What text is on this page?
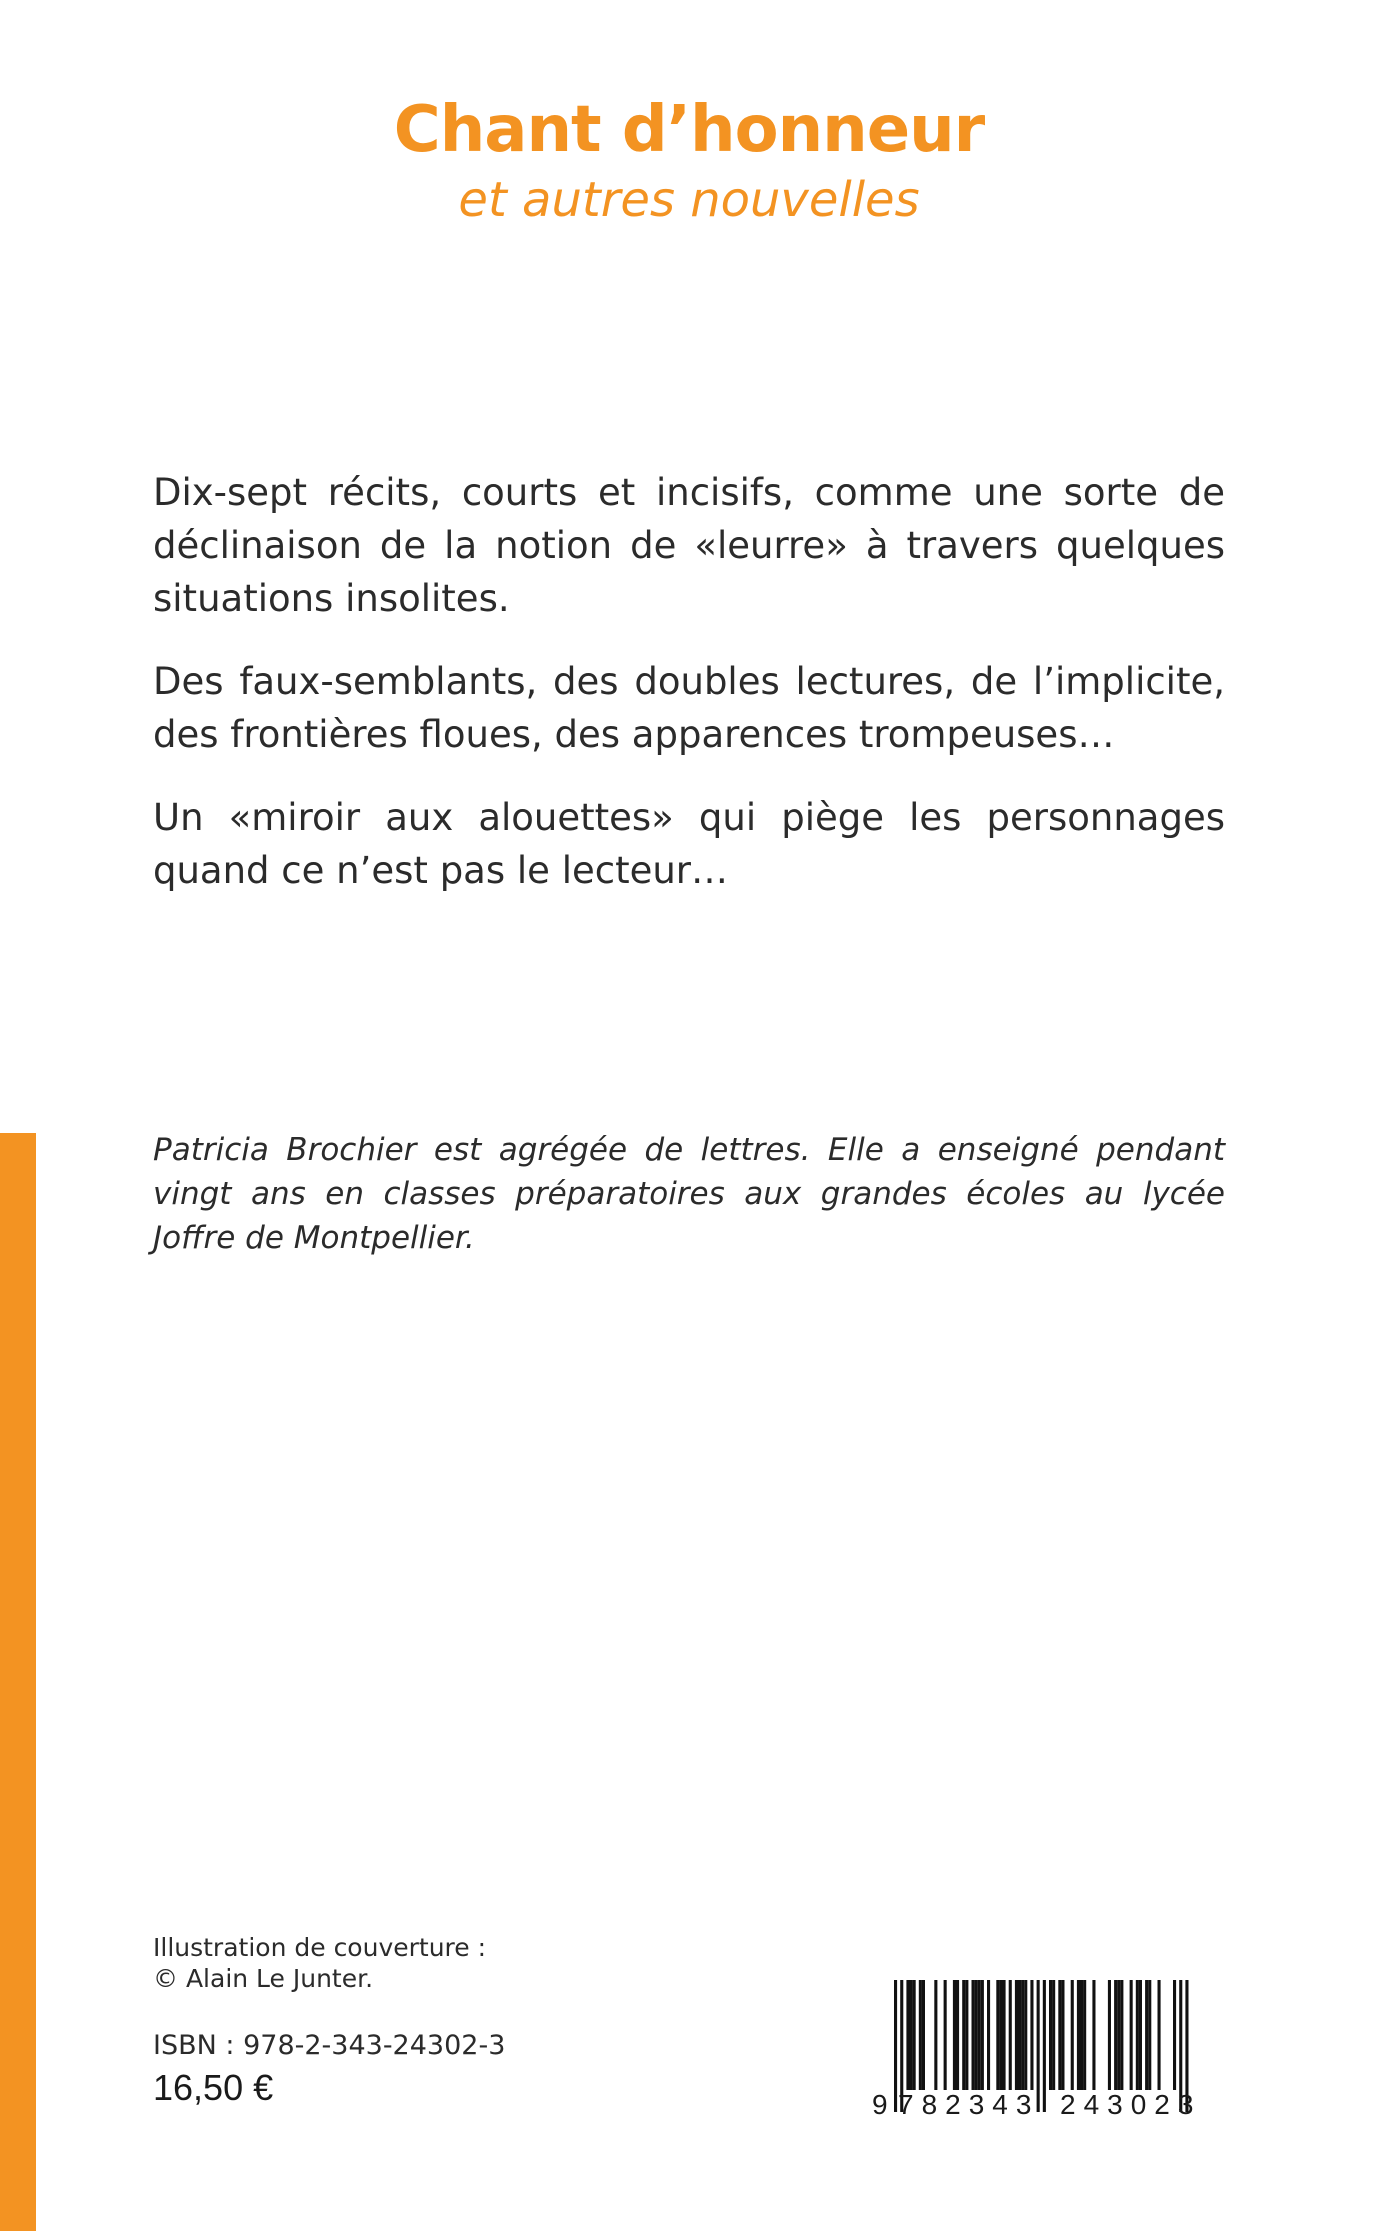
Chant d’honneur
et autres nouvelles

Dix-sept récits, courts et incisifs, comme une sorte de déclinaison de la notion de «leurre» à travers quelques situations insolites.

Des faux-semblants, des doubles lectures, de l’implicite, des frontières floues, des apparences trompeuses…

Un «miroir aux alouettes» qui piège les personnages quand ce n’est pas le lecteur…

Patricia Brochier est agrégée de lettres. Elle a enseigné pendant vingt ans en classes préparatoires aux grandes écoles au lycée Joffre de Montpellier.

Illustration de couverture :
© Alain Le Junter.
ISBN : 978-2-343-24302-3
16,50 €	9 782343 243023
